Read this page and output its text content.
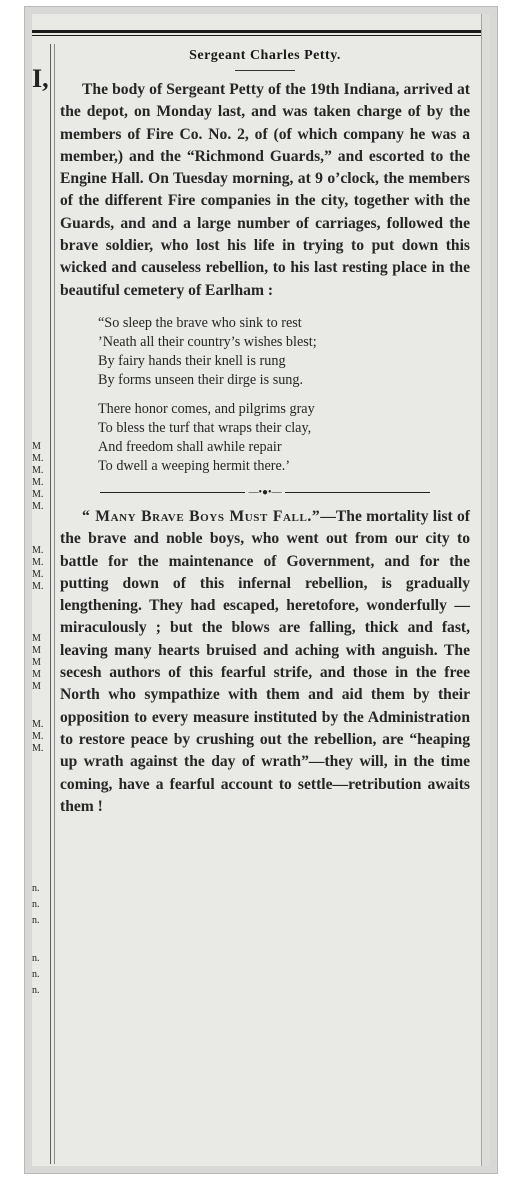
I,
M
M.
M.
M.
M.
M.
M.
M.
M.
M.
M
M
M
M
M
M.
M.
M.
n.
n.
n.
n.
n.
n.
Sergeant Charles Petty.

The body of Sergeant Petty of the 19th Indiana, arrived at the depot, on Monday last, and was taken charge of by the members of Fire Co. No. 2, of (of which company he was a member,) and the “Richmond Guards,” and escorted to the Engine Hall. On Tuesday morning, at 9 o’clock, the members of the different Fire companies in the city, together with the Guards, and and a large number of carriages, followed the brave soldier, who lost his life in trying to put down this wicked and causeless rebellion, to his last resting place in the beautiful cemetery of Earlham :

“So sleep the brave who sink to rest
’Neath all their country’s wishes blest;
By fairy hands their knell is rung
By forms unseen their dirge is sung.
There honor comes, and pilgrims gray
To bless the turf that wraps their clay,
And freedom shall awhile repair
To dwell a weeping hermit there.’
—•●•—

“ Many Brave Boys Must Fall.”—The mortality list of the brave and noble boys, who went out from our city to battle for the maintenance of Government, and for the putting down of this infernal rebellion, is gradually lengthening. They had escaped, heretofore, wonderfully —miraculously ; but the blows are falling, thick and fast, leaving many hearts bruised and aching with anguish. The secesh authors of this fearful strife, and those in the free North who sympathize with them and aid them by their opposition to every measure instituted by the Administration to restore peace by crushing out the rebellion, are “heaping up wrath against the day of wrath”—they will, in the time coming, have a fearful account to settle—retribution awaits them !
